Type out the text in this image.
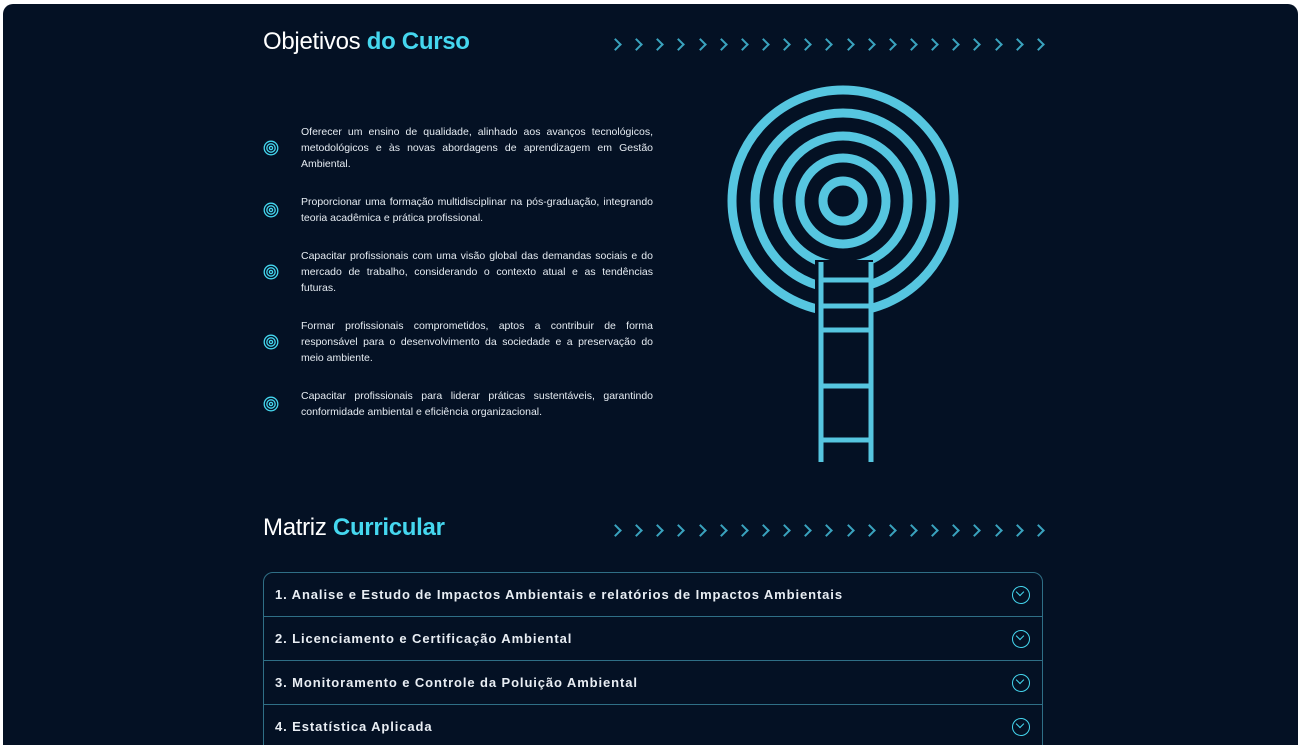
Objetivos do Curso
Oferecer um ensino de qualidade, alinhado aos avanços tecnológicos, metodológicos e às novas abordagens de aprendizagem em Gestão Ambiental.
Proporcionar uma formação multidisciplinar na pós-graduação, integrando teoria acadêmica e prática profissional.
Capacitar profissionais com uma visão global das demandas sociais e do mercado de trabalho, considerando o contexto atual e as tendências futuras.
Formar profissionais comprometidos, aptos a contribuir de forma responsável para o desenvolvimento da sociedade e a preservação do meio ambiente.
Capacitar profissionais para liderar práticas sustentáveis, garantindo conformidade ambiental e eficiência organizacional.
Matriz Curricular
1. Analise e Estudo de Impactos Ambientais e relatórios de Impactos Ambientais
2. Licenciamento e Certificação Ambiental
3. Monitoramento e Controle da Poluição Ambiental
4. Estatística Aplicada
